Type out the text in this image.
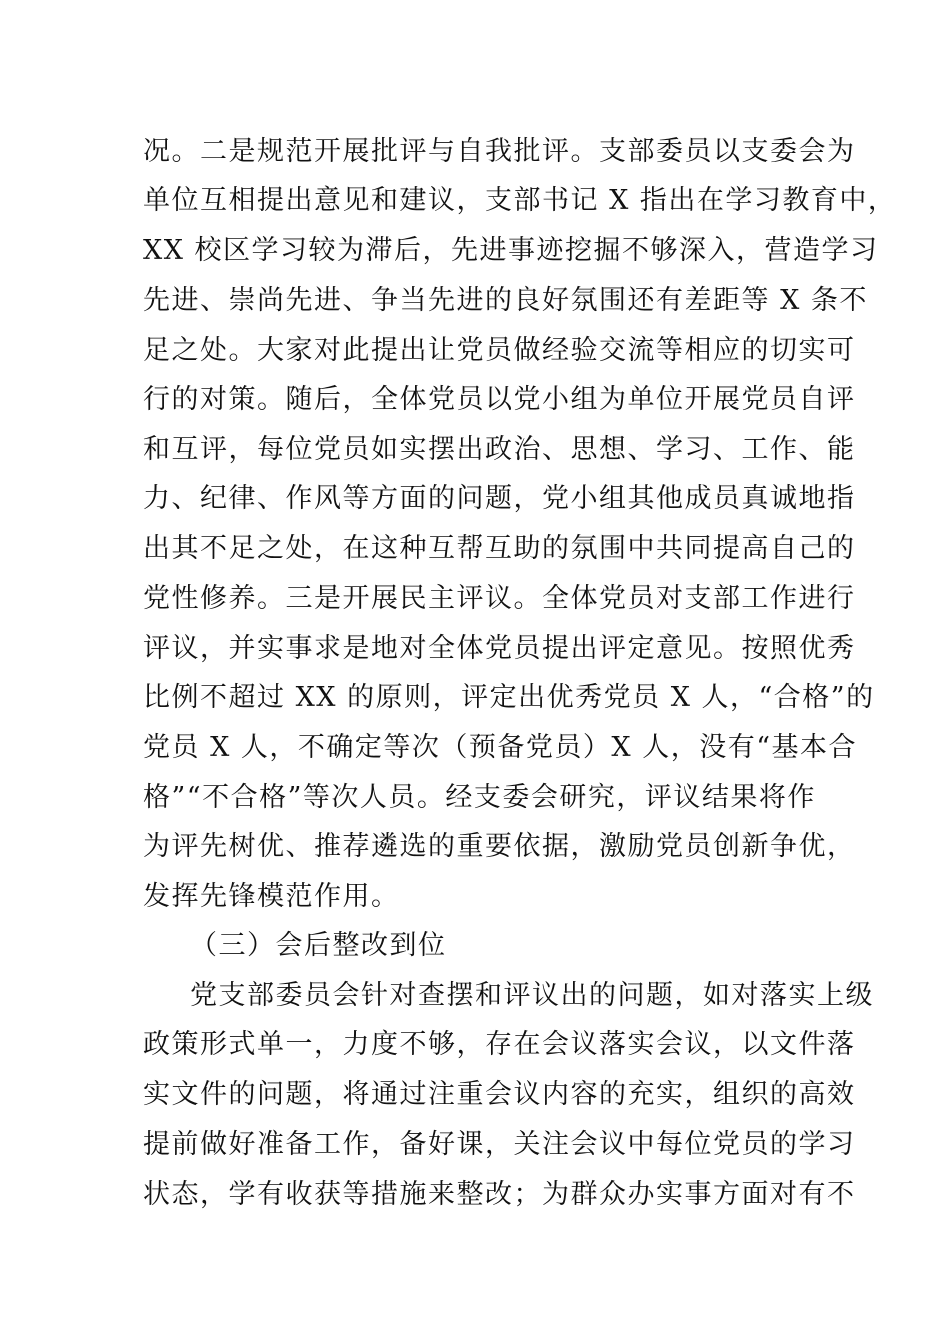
况。二是规范开展批评与自我批评。支部委员以支委会为
单位互相提出意见和建议，支部书记 X 指出在学习教育中，
XX 校区学习较为滞后，先进事迹挖掘不够深入，营造学习
先进、崇尚先进、争当先进的良好氛围还有差距等 X 条不
足之处。大家对此提出让党员做经验交流等相应的切实可
行的对策。随后，全体党员以党小组为单位开展党员自评
和互评，每位党员如实摆出政治、思想、学习、工作、能
力、纪律、作风等方面的问题，党小组其他成员真诚地指
出其不足之处，在这种互帮互助的氛围中共同提高自己的
党性修养。三是开展民主评议。全体党员对支部工作进行
评议，并实事求是地对全体党员提出评定意见。按照优秀
比例不超过 XX 的原则，评定出优秀党员 X 人，“合格”的
党员 X 人，不确定等次（预备党员）X 人，没有“基本合
格”“不合格”等次人员。经支委会研究，评议结果将作
为评先树优、推荐遴选的重要依据，激励党员创新争优，
发挥先锋模范作用。
（三）会后整改到位
党支部委员会针对查摆和评议出的问题，如对落实上级
政策形式单一，力度不够，存在会议落实会议，以文件落
实文件的问题，将通过注重会议内容的充实，组织的高效
提前做好准备工作，备好课，关注会议中每位党员的学习
状态，学有收获等措施来整改；为群众办实事方面对有不
